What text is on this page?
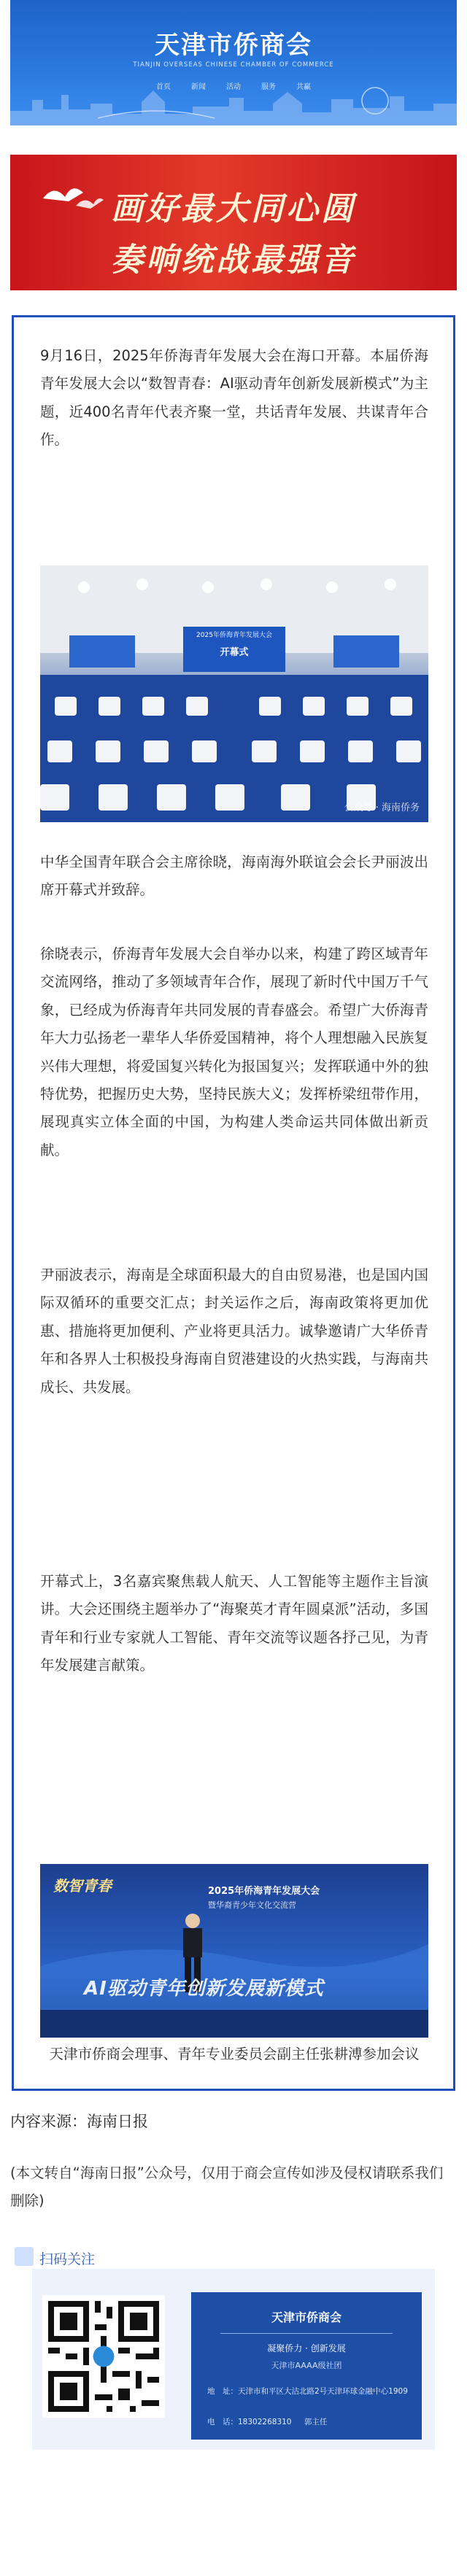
天津市侨商会
TIANJIN OVERSEAS CHINESE CHAMBER OF COMMERCE
首页	新闻	活动	服务	共赢
画好最大同心圆
奏响统战最强音

9月16日，2025年侨海青年发展大会在海口开幕。本届侨海青年发展大会以“数智青春：AI驱动青年创新发展新模式”为主题，近400名青年代表齐聚一堂，共话青年发展、共谋青年合作。

2025年侨海青年发展大会
开幕式
公众号 · 海南侨务

中华全国青年联合会主席徐晓，海南海外联谊会会长尹丽波出席开幕式并致辞。

徐晓表示，侨海青年发展大会自举办以来，构建了跨区域青年交流网络，推动了多领域青年合作，展现了新时代中国万千气象，已经成为侨海青年共同发展的青春盛会。希望广大侨海青年大力弘扬老一辈华人华侨爱国精神，将个人理想融入民族复兴伟大理想，将爱国复兴转化为报国复兴；发挥联通中外的独特优势，把握历史大势，坚持民族大义；发挥桥梁纽带作用，展现真实立体全面的中国，为构建人类命运共同体做出新贡献。

尹丽波表示，海南是全球面积最大的自由贸易港，也是国内国际双循环的重要交汇点；封关运作之后，海南政策将更加优惠、措施将更加便利、产业将更具活力。诚挚邀请广大华侨青年和各界人士积极投身海南自贸港建设的火热实践，与海南共成长、共发展。

开幕式上，3名嘉宾聚焦载人航天、人工智能等主题作主旨演讲。大会还围绕主题举办了“海聚英才青年圆桌派”活动，多国青年和行业专家就人工智能、青年交流等议题各抒己见，为青年发展建言献策。

数智青春	2025年侨海青年发展大会
暨华裔青少年文化交流营
AI驱动青年创新发展新模式

天津市侨商会理事、青年专业委员会副主任张耕溥参加会议

内容来源：海南日报

(本文转自“海南日报”公众号，仅用于商会宣传如涉及侵权请联系我们删除)

扫码关注
天津市侨商会
凝聚侨力 · 创新发展
天津市AAAA级社团
地　址：天津市和平区大沽北路2号天津环球金融中心1909
电　话：18302268310 郭主任
